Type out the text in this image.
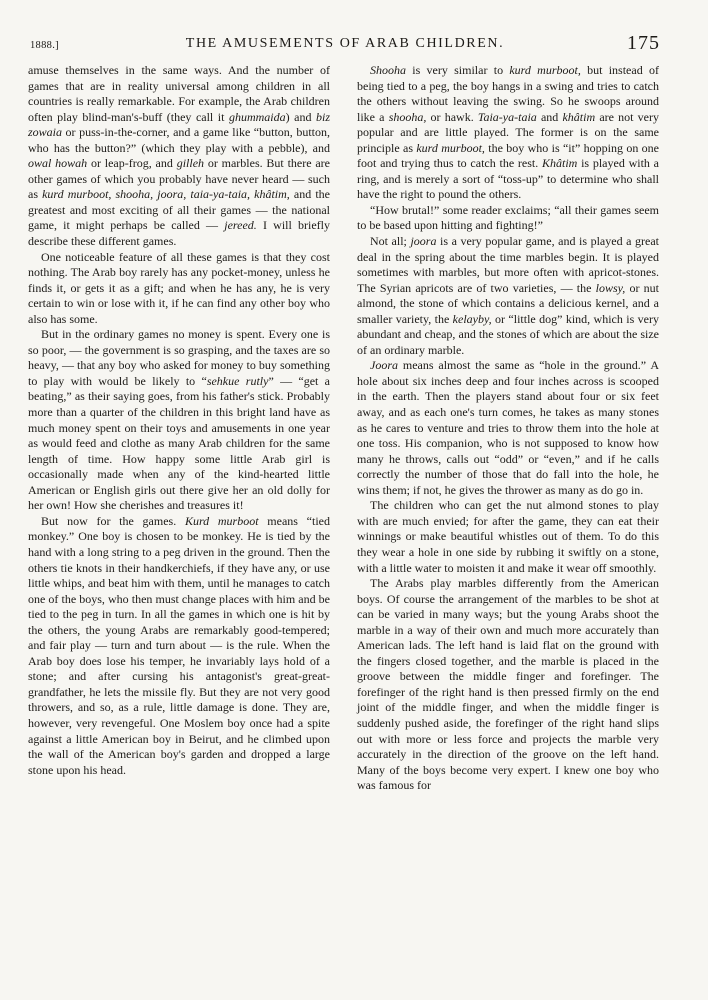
1888.]	THE AMUSEMENTS OF ARAB CHILDREN.	175

amuse themselves in the same ways. And the number of games that are in reality universal among children in all countries is really remarkable. For example, the Arab children often play blind-man's-buff (they call it ghummaida) and biz zowaia or puss-in-the-corner, and a game like “button, button, who has the button?” (which they play with a pebble), and owal howah or leap-frog, and gilleh or marbles. But there are other games of which you probably have never heard — such as kurd murboot, shooha, joora, taia-ya-taia, khâtim, and the greatest and most exciting of all their games — the national game, it might perhaps be called — jereed. I will briefly describe these different games.

One noticeable feature of all these games is that they cost nothing. The Arab boy rarely has any pocket-money, unless he finds it, or gets it as a gift; and when he has any, he is very certain to win or lose with it, if he can find any other boy who also has some.

But in the ordinary games no money is spent. Every one is so poor, — the government is so grasping, and the taxes are so heavy, — that any boy who asked for money to buy something to play with would be likely to “sehkue rutly” — “get a beating,” as their saying goes, from his father's stick. Probably more than a quarter of the children in this bright land have as much money spent on their toys and amusements in one year as would feed and clothe as many Arab children for the same length of time. How happy some little Arab girl is occasionally made when any of the kind-hearted little American or English girls out there give her an old dolly for her own! How she cherishes and treasures it!

But now for the games. Kurd murboot means “tied monkey.” One boy is chosen to be monkey. He is tied by the hand with a long string to a peg driven in the ground. Then the others tie knots in their handkerchiefs, if they have any, or use little whips, and beat him with them, until he manages to catch one of the boys, who then must change places with him and be tied to the peg in turn. In all the games in which one is hit by the others, the young Arabs are remarkably good-tempered; and fair play — turn and turn about — is the rule. When the Arab boy does lose his temper, he invariably lays hold of a stone; and after cursing his antagonist's great-great-grandfather, he lets the missile fly. But they are not very good throwers, and so, as a rule, little damage is done. They are, however, very revengeful. One Moslem boy once had a spite against a little American boy in Beirut, and he climbed upon the wall of the American boy's garden and dropped a large stone upon his head.

Shooha is very similar to kurd murboot, but instead of being tied to a peg, the boy hangs in a swing and tries to catch the others without leaving the swing. So he swoops around like a shooha, or hawk. Taia-ya-taia and khâtim are not very popular and are little played. The former is on the same principle as kurd murboot, the boy who is “it” hopping on one foot and trying thus to catch the rest. Khâtim is played with a ring, and is merely a sort of “toss-up” to determine who shall have the right to pound the others.

“How brutal!” some reader exclaims; “all their games seem to be based upon hitting and fighting!”

Not all; joora is a very popular game, and is played a great deal in the spring about the time marbles begin. It is played sometimes with marbles, but more often with apricot-stones. The Syrian apricots are of two varieties, — the lowsy, or nut almond, the stone of which contains a delicious kernel, and a smaller variety, the kelayby, or “little dog” kind, which is very abundant and cheap, and the stones of which are about the size of an ordinary marble.

Joora means almost the same as “hole in the ground.” A hole about six inches deep and four inches across is scooped in the earth. Then the players stand about four or six feet away, and as each one's turn comes, he takes as many stones as he cares to venture and tries to throw them into the hole at one toss. His companion, who is not supposed to know how many he throws, calls out “odd” or “even,” and if he calls correctly the number of those that do fall into the hole, he wins them; if not, he gives the thrower as many as do go in.

The children who can get the nut almond stones to play with are much envied; for after the game, they can eat their winnings or make beautiful whistles out of them. To do this they wear a hole in one side by rubbing it swiftly on a stone, with a little water to moisten it and make it wear off smoothly.

The Arabs play marbles differently from the American boys. Of course the arrangement of the marbles to be shot at can be varied in many ways; but the young Arabs shoot the marble in a way of their own and much more accurately than American lads. The left hand is laid flat on the ground with the fingers closed together, and the marble is placed in the groove between the middle finger and forefinger. The forefinger of the right hand is then pressed firmly on the end joint of the middle finger, and when the middle finger is suddenly pushed aside, the forefinger of the right hand slips out with more or less force and projects the marble very accurately in the direction of the groove on the left hand. Many of the boys become very expert. I knew one boy who was famous for
